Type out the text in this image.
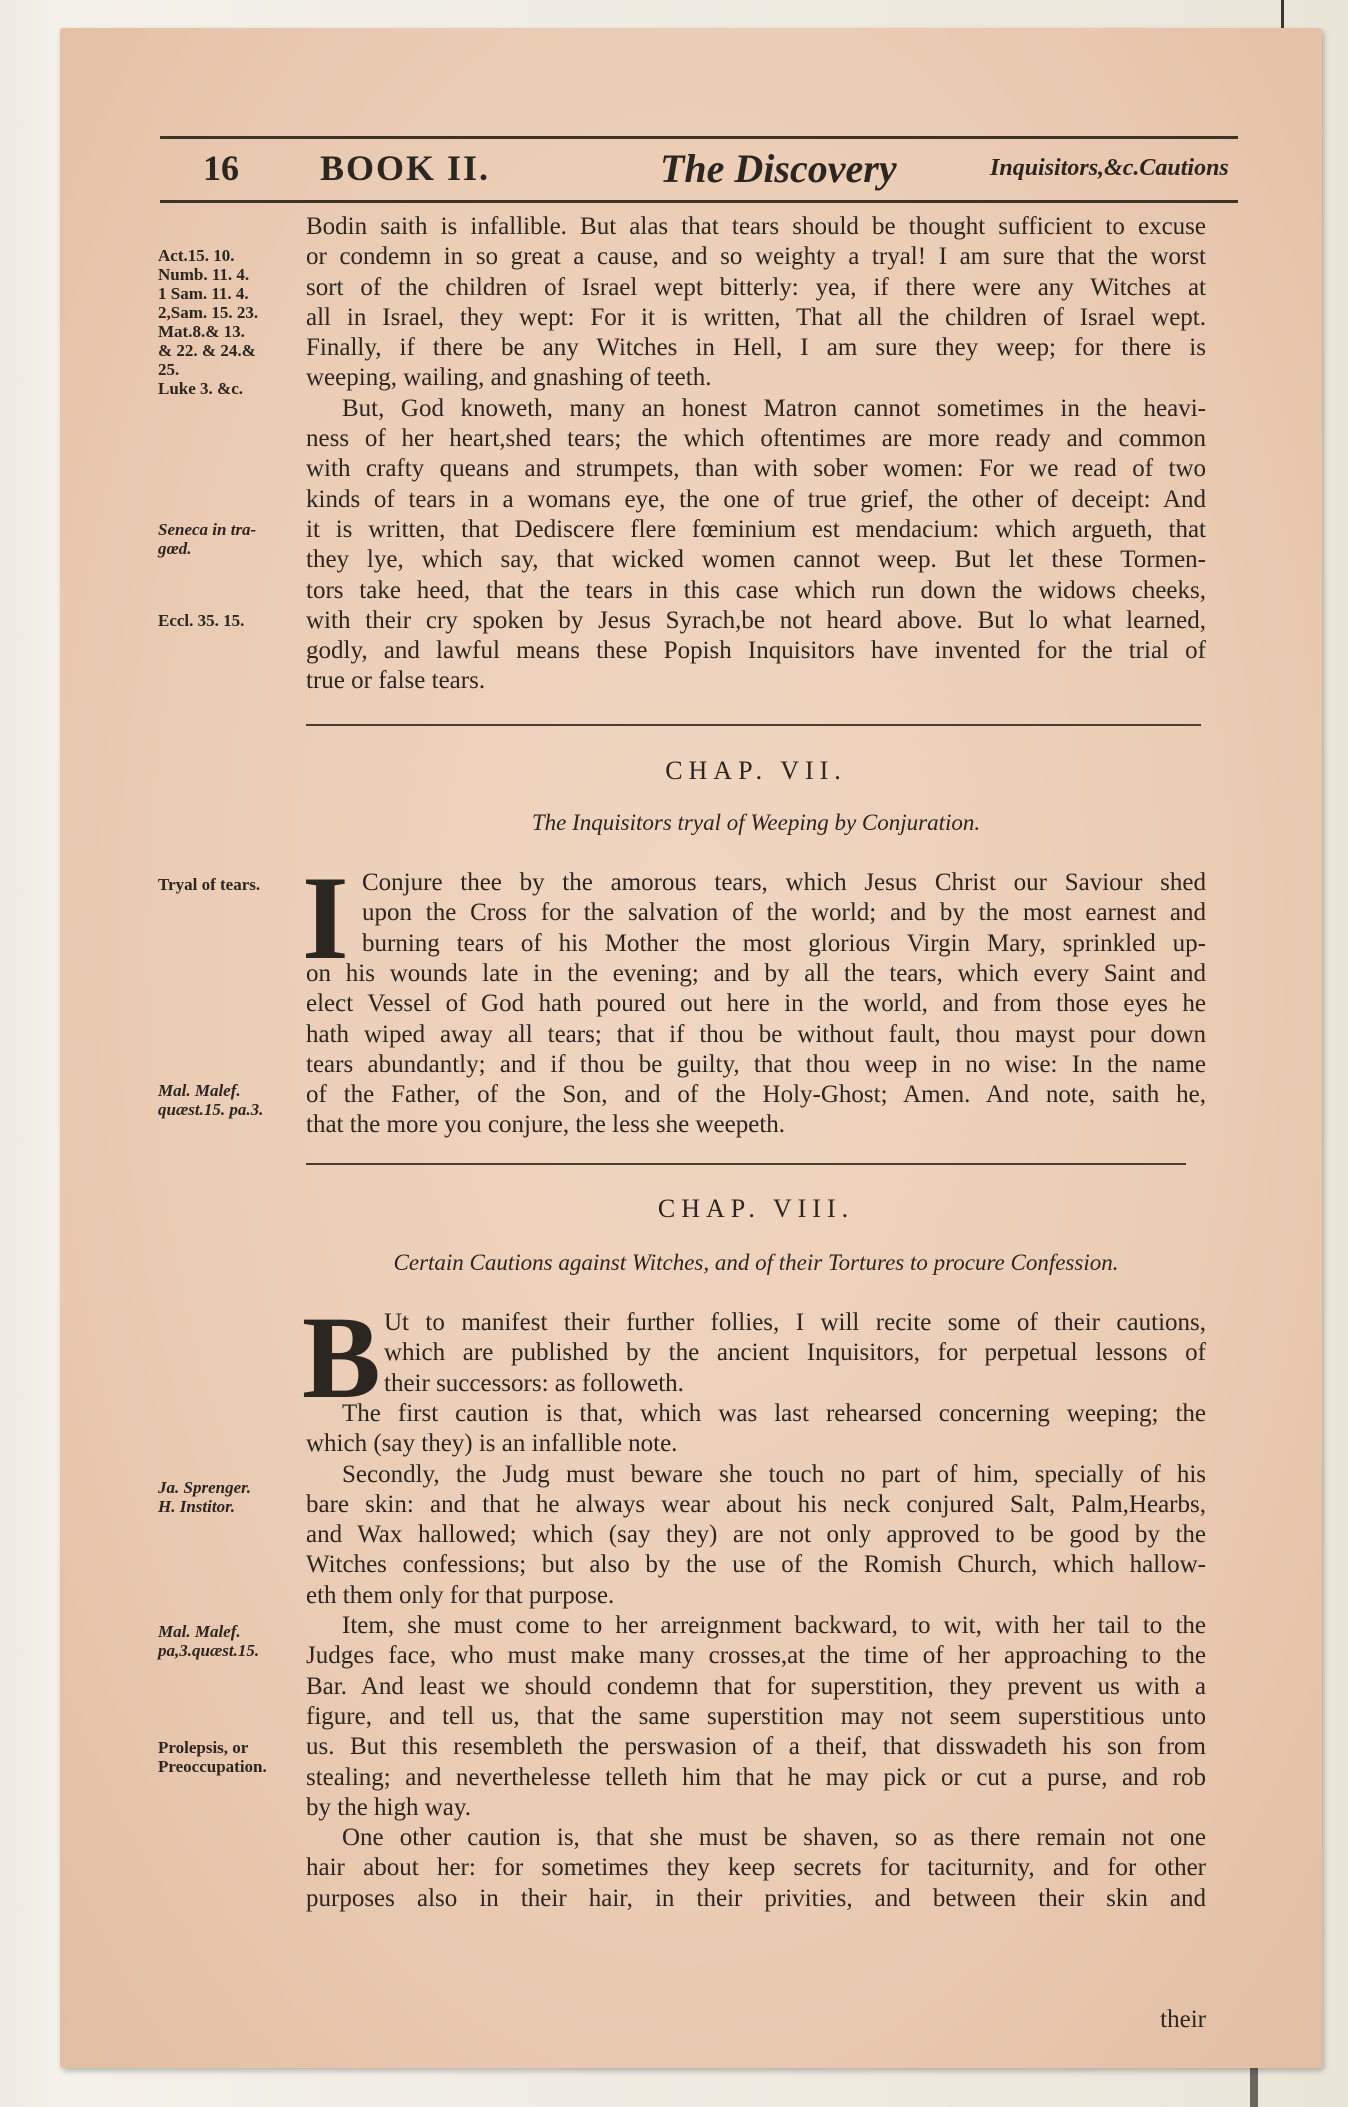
16 BOOK II.	The Discovery	Inquisitors,&c.Cautions
Act.15. 10.
Numb. 11. 4.
1 Sam. 11. 4.
2,Sam. 15. 23.
Mat.8.& 13.
& 22. & 24.&
25.
Luke 3. &c.
Seneca in tra-
gœd.
Eccl. 35. 15.
Tryal of tears.
Mal. Malef.
quæst.15. pa.3.
Ja. Sprenger.
H. Institor.
Mal. Malef.
pa,3.quæst.15.
Prolepsis, or
Preoccupation.
Bodin saith is infallible. But alas that tears should be thought sufficient to excuse
or condemn in so great a cause, and so weighty a tryal! I am sure that the worst
sort of the children of Israel wept bitterly: yea, if there were any Witches at
all in Israel, they wept: For it is written, That all the children of Israel wept.
Finally, if there be any Witches in Hell, I am sure they weep; for there is
weeping, wailing, and gnashing of teeth.
But, God knoweth, many an honest Matron cannot sometimes in the heavi-
ness of her heart,shed tears; the which oftentimes are more ready and common
with crafty queans and strumpets, than with sober women: For we read of two
kinds of tears in a womans eye, the one of true grief, the other of deceipt: And
it is written, that Dediscere flere fœminium est mendacium: which argueth, that
they lye, which say, that wicked women cannot weep. But let these Tormen-
tors take heed, that the tears in this case which run down the widows cheeks,
with their cry spoken by Jesus Syrach,be not heard above. But lo what learned,
godly, and lawful means these Popish Inquisitors have invented for the trial of
true or false tears.
CHAP. VII.
The Inquisitors tryal of Weeping by Conjuration.
I Conjure thee by the amorous tears, which Jesus Christ our Saviour shed
upon the Cross for the salvation of the world; and by the most earnest and
burning tears of his Mother the most glorious Virgin Mary, sprinkled up-
on his wounds late in the evening; and by all the tears, which every Saint and
elect Vessel of God hath poured out here in the world, and from those eyes he
hath wiped away all tears; that if thou be without fault, thou mayst pour down
tears abundantly; and if thou be guilty, that thou weep in no wise: In the name
of the Father, of the Son, and of the Holy-Ghost; Amen. And note, saith he,
that the more you conjure, the less she weepeth.
CHAP. VIII.
Certain Cautions against Witches, and of their Tortures to procure Confession.
B Ut to manifest their further follies, I will recite some of their cautions,
which are published by the ancient Inquisitors, for perpetual lessons of
their successors: as followeth.
The first caution is that, which was last rehearsed concerning weeping; the
which (say they) is an infallible note.
Secondly, the Judg must beware she touch no part of him, specially of his
bare skin: and that he always wear about his neck conjured Salt, Palm,Hearbs,
and Wax hallowed; which (say they) are not only approved to be good by the
Witches confessions; but also by the use of the Romish Church, which hallow-
eth them only for that purpose.
Item, she must come to her arreignment backward, to wit, with her tail to the
Judges face, who must make many crosses,at the time of her approaching to the
Bar. And least we should condemn that for superstition, they prevent us with a
figure, and tell us, that the same superstition may not seem superstitious unto
us. But this resembleth the perswasion of a theif, that disswadeth his son from
stealing; and neverthelesse telleth him that he may pick or cut a purse, and rob
by the high way.
One other caution is, that she must be shaven, so as there remain not one
hair about her: for sometimes they keep secrets for taciturnity, and for other
purposes also in their hair, in their privities, and between their skin and
their
